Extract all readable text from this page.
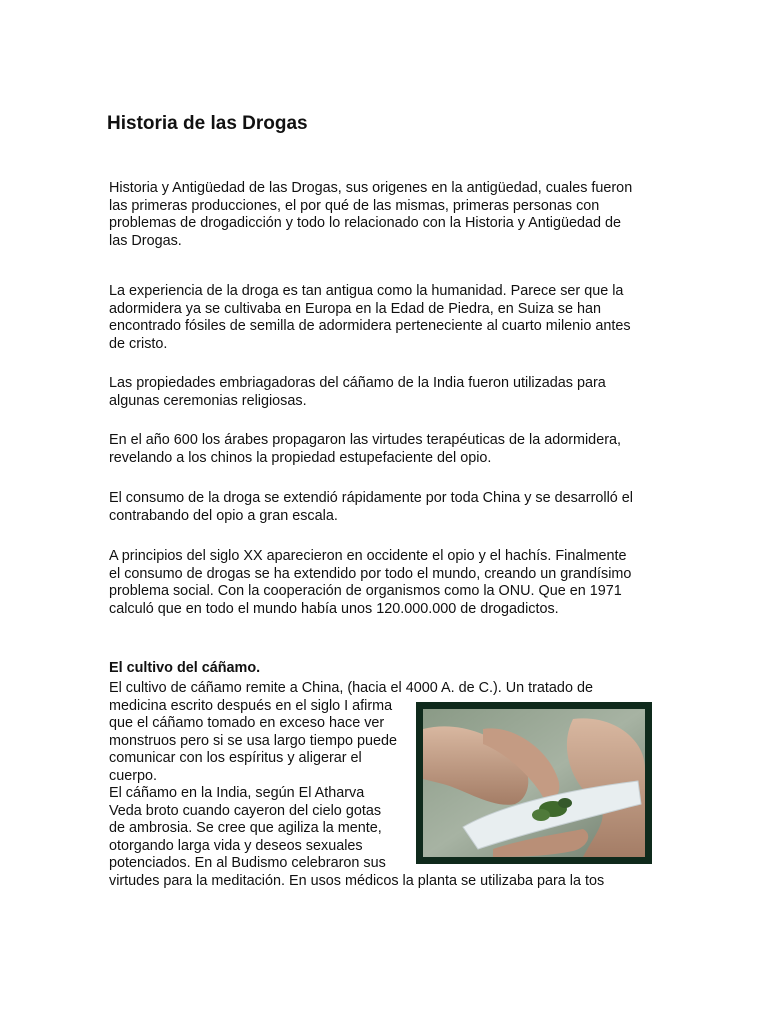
Historia de las Drogas

Historia y Antigüedad de las Drogas, sus origenes en la antigüedad, cuales fueron
las primeras producciones, el por qué de las mismas, primeras personas con
problemas de drogadicción y todo lo relacionado con la Historia y Antigüedad de
las Drogas.

La experiencia de la droga es tan antigua como la humanidad. Parece ser que la
adormidera ya se cultivaba en Europa en la Edad de Piedra, en Suiza se han
encontrado fósiles de semilla de adormidera perteneciente al cuarto milenio antes
de cristo.

Las propiedades embriagadoras del cáñamo de la India fueron utilizadas para
algunas ceremonias religiosas.

En el año 600 los árabes propagaron las virtudes terapéuticas de la adormidera,
revelando a los chinos la propiedad estupefaciente del opio.

El consumo de la droga se extendió rápidamente por toda China y se desarrolló el
contrabando del opio a gran escala.

A principios del siglo XX aparecieron en occidente el opio y el hachís. Finalmente
el consumo de drogas se ha extendido por todo el mundo, creando un grandísimo
problema social. Con la cooperación de organismos como la ONU. Que en 1971
calculó que en todo el mundo había unos 120.000.000 de drogadictos.

El cultivo del cáñamo.

El cultivo de cáñamo remite a China, (hacia el 4000 A. de C.). Un tratado de
medicina escrito después en el siglo I afirma
que el cáñamo tomado en exceso hace ver
monstruos pero si se usa largo tiempo puede
comunicar con los espíritus y aligerar el
cuerpo.
El cáñamo en la India, según El Atharva
Veda broto cuando cayeron del cielo gotas
de ambrosia. Se cree que agiliza la mente,
otorgando larga vida y deseos sexuales
potenciados. En al Budismo celebraron sus
virtudes para la meditación. En usos médicos la planta se utilizaba para la tos
